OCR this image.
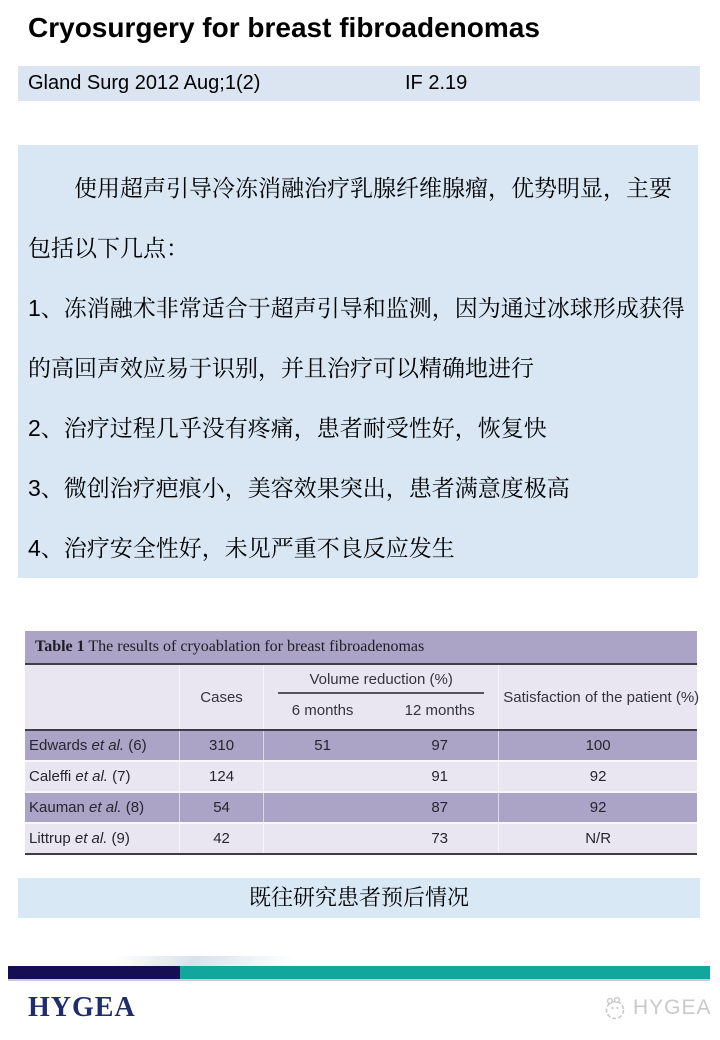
Cryosurgery for breast fibroadenomas
Gland Surg 2012 Aug;1(2)	IF 2.19

使用超声引导冷冻消融治疗乳腺纤维腺瘤，优势明显，主要包括以下几点：

1、冻消融术非常适合于超声引导和监测，因为通过冰球形成获得的高回声效应易于识别，并且治疗可以精确地进行

2、治疗过程几乎没有疼痛，患者耐受性好，恢复快

3、微创治疗疤痕小，美容效果突出，患者满意度极高

4、治疗安全性好，未见严重不良反应发生

Table 1 The results of cryoablation for breast fibroadenomas				
	Cases	Volume reduction (%)		Satisfaction of the patient (%)
		6 months	12 months	
Edwards et al. (6)	310	51	97	100
Caleffi et al. (7)	124		91	92
Kauman et al. (8)	54		87	92
Littrup et al. (9)	42		73	N/R
既往研究患者预后情况
HYGEA	HYGEA
